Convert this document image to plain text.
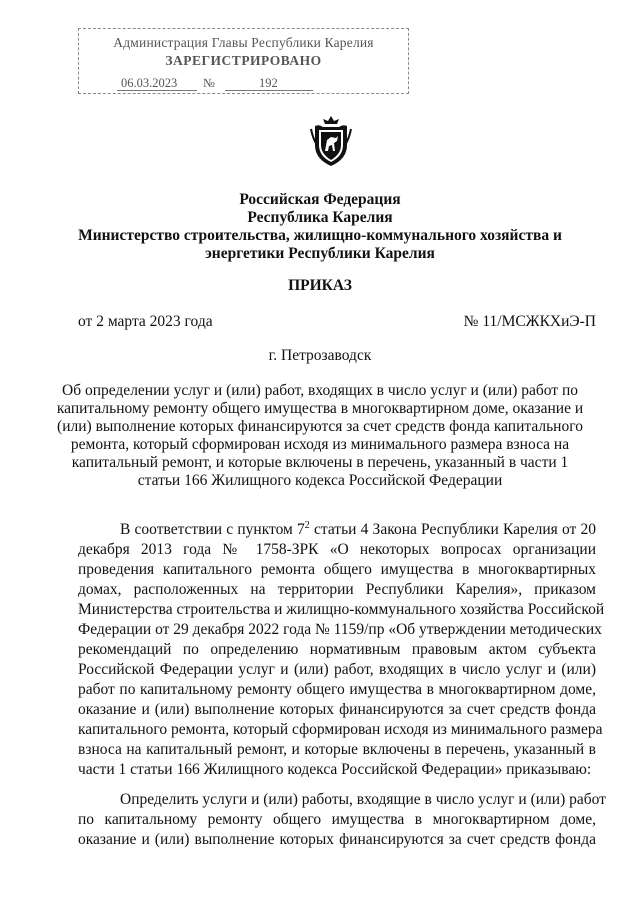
Администрация Главы Республики Карелия
ЗАРЕГИСТРИРОВАНО
06.03.2023 №	192
Российская Федерация
Республика Карелия
Министерство строительства, жилищно-коммунального хозяйства и
энергетики Республики Карелия
ПРИКАЗ
от 2 марта 2023 года	№ 11/МСЖКХиЭ-П
г. Петрозаводск
Об определении услуг и (или) работ, входящих в число услуг и (или) работ по
капитальному ремонту общего имущества в многоквартирном доме, оказание и
(или) выполнение которых финансируются за счет средств фонда капитального
ремонта, который сформирован исходя из минимального размера взноса на
капитальный ремонт, и которые включены в перечень, указанный в части 1
статьи 166 Жилищного кодекса Российской Федерации
В соответствии с пунктом $7^2$ статьи 4 Закона Республики Карелия от 20
декабря 2013 года № 1758-ЗРК «О некоторых вопросах организации
проведения капитального ремонта общего имущества в многоквартирных
домах, расположенных на территории Республики Карелия», приказом
Министерства строительства и жилищно-коммунального хозяйства Российской
Федерации от 29 декабря 2022 года № 1159/пр «Об утверждении методических
рекомендаций по определению нормативным правовым актом субъекта
Российской Федерации услуг и (или) работ, входящих в число услуг и (или)
работ по капитальному ремонту общего имущества в многоквартирном доме,
оказание и (или) выполнение которых финансируются за счет средств фонда
капитального ремонта, который сформирован исходя из минимального размера
взноса на капитальный ремонт, и которые включены в перечень, указанный в
части 1 статьи 166 Жилищного кодекса Российской Федерации» приказываю:
Определить услуги и (или) работы, входящие в число услуг и (или) работ
по капитальному ремонту общего имущества в многоквартирном доме,
оказание и (или) выполнение которых финансируются за счет средств фонда
